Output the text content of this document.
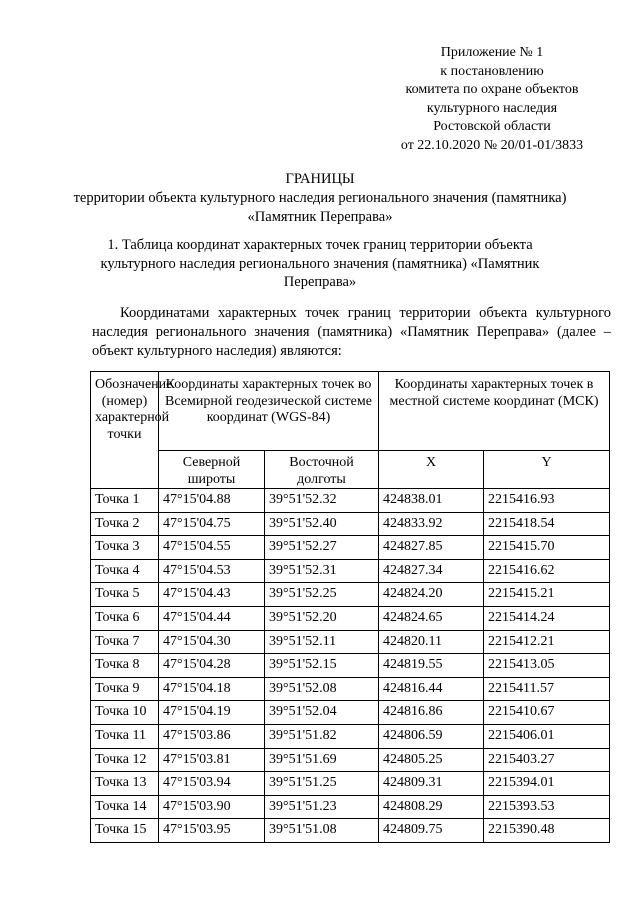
Приложение № 1
к постановлению
комитета по охране объектов
культурного наследия
Ростовской области
от 22.10.2020 № 20/01-01/3833
ГРАНИЦЫ
территории объекта культурного наследия регионального значения (памятника)
«Памятник Переправа»
1. Таблица координат характерных точек границ территории объекта культурного наследия регионального значения (памятника) «Памятник Переправа»
Координатами характерных точек границ территории объекта культурного наследия регионального значения (памятника) «Памятник Переправа» (далее – объект культурного наследия) являются:
Обозначение (номер) характерной точки	Координаты характерных точек во Всемирной геодезической системе координат (WGS-84)		Координаты характерных точек в местной системе координат (МСК)	
	Северной широты	Восточной долготы	X	Y
Точка 1	47°15'04.88	39°51'52.32	424838.01	2215416.93
Точка 2	47°15'04.75	39°51'52.40	424833.92	2215418.54
Точка 3	47°15'04.55	39°51'52.27	424827.85	2215415.70
Точка 4	47°15'04.53	39°51'52.31	424827.34	2215416.62
Точка 5	47°15'04.43	39°51'52.25	424824.20	2215415.21
Точка 6	47°15'04.44	39°51'52.20	424824.65	2215414.24
Точка 7	47°15'04.30	39°51'52.11	424820.11	2215412.21
Точка 8	47°15'04.28	39°51'52.15	424819.55	2215413.05
Точка 9	47°15'04.18	39°51'52.08	424816.44	2215411.57
Точка 10	47°15'04.19	39°51'52.04	424816.86	2215410.67
Точка 11	47°15'03.86	39°51'51.82	424806.59	2215406.01
Точка 12	47°15'03.81	39°51'51.69	424805.25	2215403.27
Точка 13	47°15'03.94	39°51'51.25	424809.31	2215394.01
Точка 14	47°15'03.90	39°51'51.23	424808.29	2215393.53
Точка 15	47°15'03.95	39°51'51.08	424809.75	2215390.48
